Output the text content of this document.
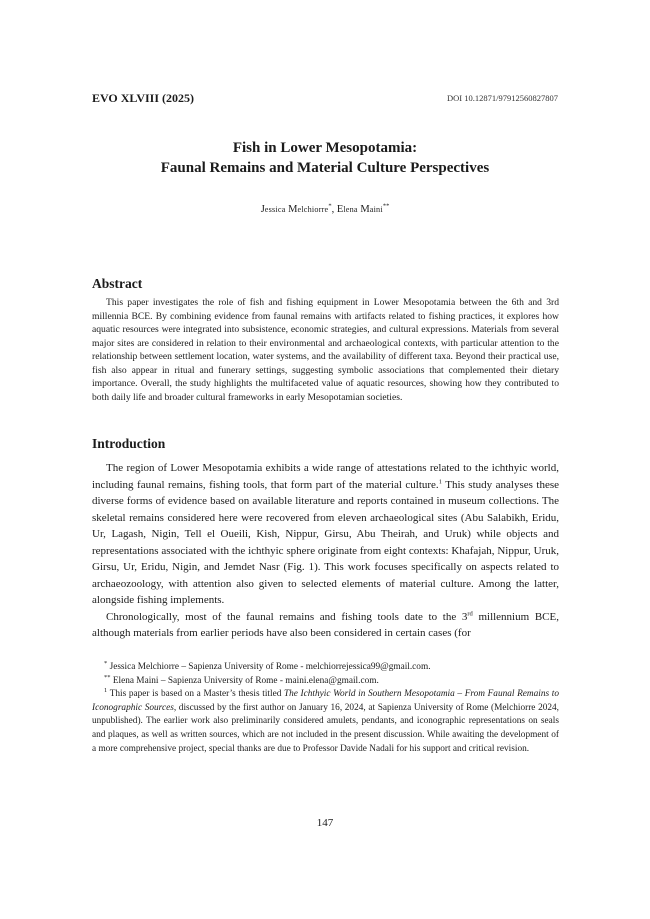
EVO XLVIII (2025)	DOI 10.12871/97912560827807
Fish in Lower Mesopotamia:
Faunal Remains and Material Culture Perspectives
Jessica Melchiorre*, Elena Maini**
Abstract
This paper investigates the role of fish and fishing equipment in Lower Mesopotamia between the 6th and 3rd millennia BCE. By combining evidence from faunal remains with artifacts related to fishing practices, it explores how aquatic resources were integrated into subsistence, economic strategies, and cultural expressions. Materials from several major sites are considered in relation to their environmental and archaeological contexts, with particular attention to the relationship between settlement location, water systems, and the availability of different taxa. Beyond their practical use, fish also appear in ritual and funerary settings, suggesting symbolic associations that complemented their dietary importance. Overall, the study highlights the multifaceted value of aquatic resources, showing how they contributed to both daily life and broader cultural frameworks in early Mesopotamian societies.
Introduction

The region of Lower Mesopotamia exhibits a wide range of attestations related to the ichthyic world, including faunal remains, fishing tools, that form part of the material culture.$^1$ This study analyses these diverse forms of evidence based on available literature and reports contained in museum collections. The skeletal remains considered here were recovered from eleven archaeological sites (Abu Salabikh, Eridu, Ur, Lagash, Nigin, Tell el Oueili, Kish, Nippur, Girsu, Abu Theirah, and Uruk) while objects and representations associated with the ichthyic sphere originate from eight contexts: Khafajah, Nippur, Uruk, Girsu, Ur, Eridu, Nigin, and Jemdet Nasr (Fig. 1). This work focuses specifically on aspects related to archaeozoology, with attention also given to selected elements of material culture. Among the latter, alongside fishing implements.

Chronologically, most of the faunal remains and fishing tools date to the 3rd millennium BCE, although materials from earlier periods have also been considered in certain cases (for

* Jessica Melchiorre – Sapienza University of Rome - melchiorrejessica99@gmail.com.

** Elena Maini – Sapienza University of Rome - maini.elena@gmail.com.

$^1$ This paper is based on a Master’s thesis titled The Ichthyic World in Southern Mesopotamia – From Faunal Remains to Iconographic Sources, discussed by the first author on January 16, 2024, at Sapienza University of Rome (Melchiorre 2024, unpublished). The earlier work also preliminarily considered amulets, pendants, and iconographic representations on seals and plaques, as well as written sources, which are not included in the present discussion. While awaiting the development of a more comprehensive project, special thanks are due to Professor Davide Nadali for his support and critical revision.

147
